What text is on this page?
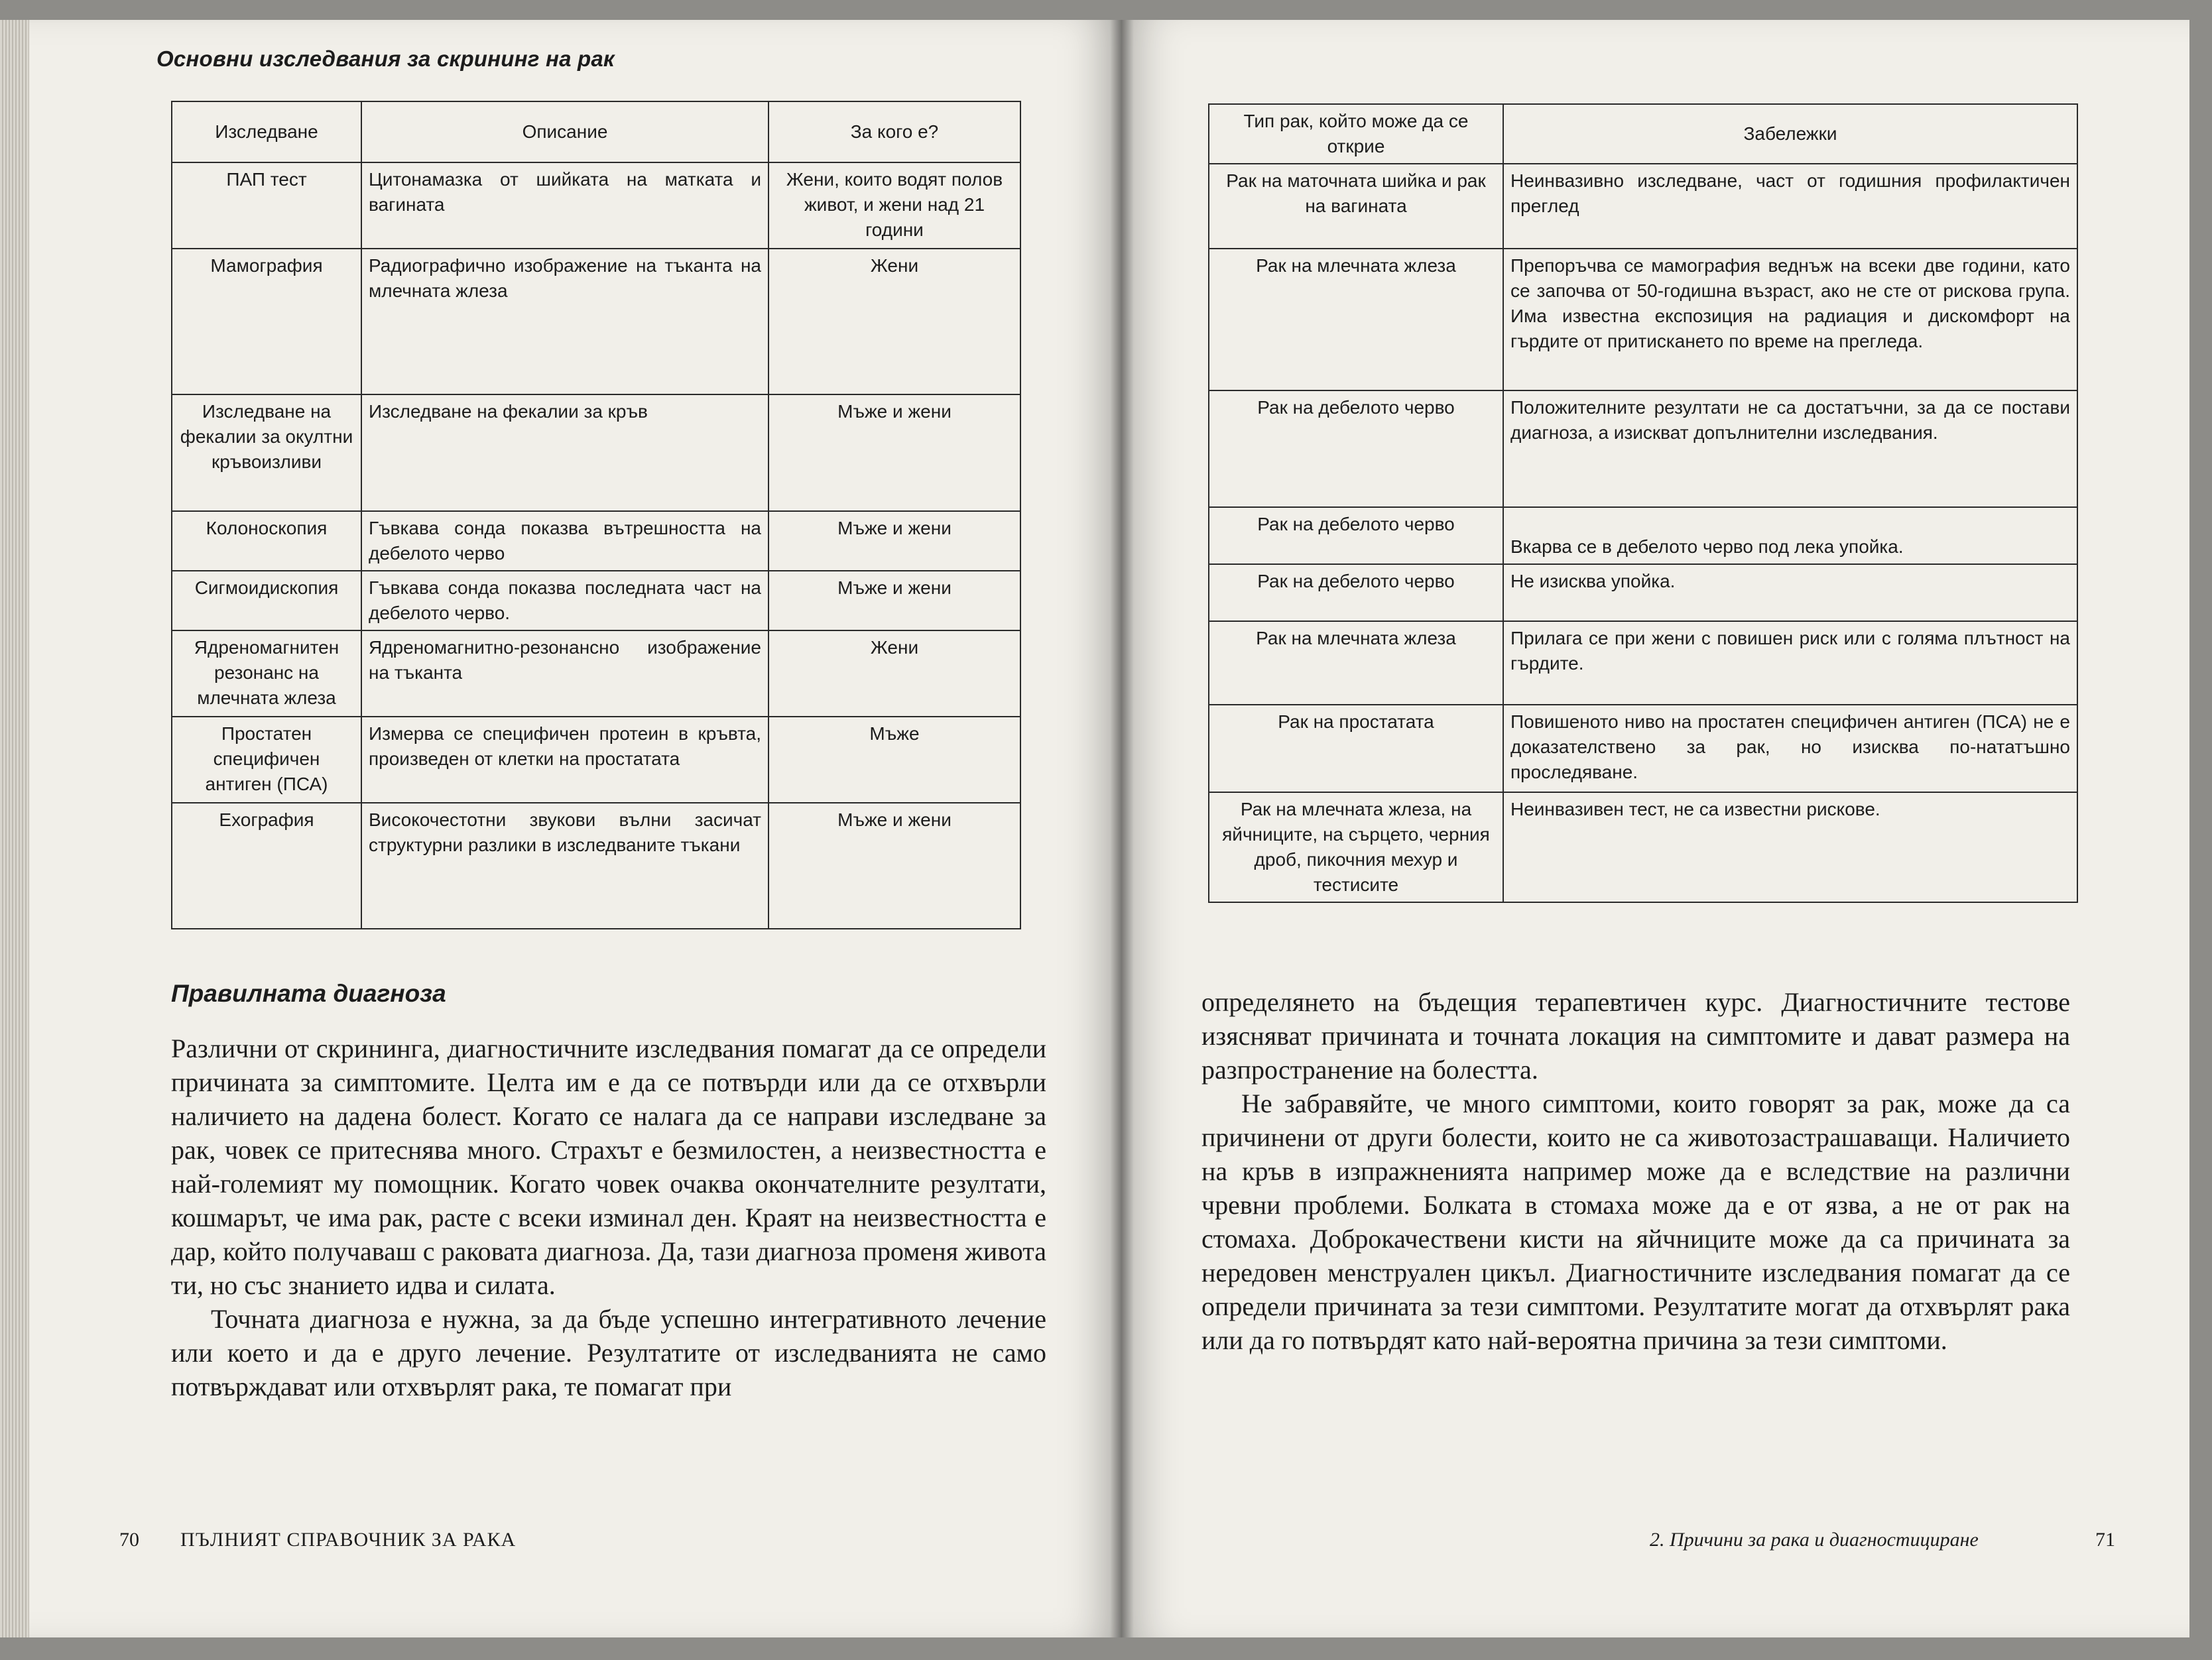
Основни изследвания за скрининг на рак
Изследване	Описание	За кого е?
ПАП тест	Цитонамазка от шийката на матката и вагината	Жени, които водят полов живот, и жени над 21 години
Мамография	Радиографично изображение на тъканта на млечната жлеза	Жени
Изследване на фекалии за окултни кръвоизливи	Изследване на фекалии за кръв	Мъже и жени
Колоноскопия	Гъвкава сонда показва вътрешността на дебелото черво	Мъже и жени
Сигмоидископия	Гъвкава сонда показва последната част на дебелото черво.	Мъже и жени
Ядреномагнитен резонанс на млечната жлеза	Ядреномагнитно-резонансно изображение на тъканта	Жени
Простатен специфичен антиген (ПСА)	Измерва се специфичен протеин в кръвта, произведен от клетки на простатата	Мъже
Ехография	Високочестотни звукови вълни засичат структурни разлики в изследваните тъкани	Мъже и жени
Правилната диагноза

Различни от скрининга, диагностичните изследвания помагат да се определи причината за симптомите. Целта им е да се потвърди или да се отхвърли наличието на дадена болест. Когато се налага да се направи изследване за рак, човек се притеснява много. Страхът е безмилостен, а неизвестността е най-големият му помощник. Когато човек очаква окончателните резултати, кошмарът, че има рак, расте с всеки изминал ден. Краят на неизвестността е дар, който получаваш с раковата диагноза. Да, тази диагноза променя живота ти, но със знанието идва и силата.

Точната диагноза е нужна, за да бъде успешно интегративното лечение или което и да е друго лечение. Резултатите от изследванията не само потвърждават или отхвърлят рака, те помагат при

70 ПЪЛНИЯТ СПРАВОЧНИК ЗА РАКА
Тип рак, който може да се открие	Забележки
Рак на маточната шийка и рак на вагината	Неинвазивно изследване, част от годишния профилактичен преглед
Рак на млечната жлеза	Препоръчва се мамография веднъж на всеки две години, като се започва от 50-годишна възраст, ако не сте от рискова група. Има известна експозиция на радиация и дискомфорт на гърдите от притискането по време на прегледа.
Рак на дебелото черво	Положителните резултати не са достатъчни, за да се постави диагноза, а изискват допълнителни изследвания.
Рак на дебелото черво	Вкарва се в дебелото черво под лека упойка.
Рак на дебелото черво	Не изисква упойка.
Рак на млечната жлеза	Прилага се при жени с повишен риск или с голяма плътност на гърдите.
Рак на простатата	Повишеното ниво на простатен специфичен антиген (ПСА) не е доказателствено за рак, но изисква по-нататъшно проследяване.
Рак на млечната жлеза, на яйчниците, на сърцето, черния дроб, пикочния мехур и тестисите	Неинвазивен тест, не са известни рискове.

определянето на бъдещия терапевтичен курс. Диагностичните тестове изясняват причината и точната локация на симптомите и дават размера на разпространение на болестта.

Не забравяйте, че много симптоми, които говорят за рак, може да са причинени от други болести, които не са животозастрашаващи. Наличието на кръв в изпражненията например може да е вследствие на различни чревни проблеми. Болката в стомаха може да е от язва, а не от рак на стомаха. Доброкачествени кисти на яйчниците може да са причината за нередовен менструален цикъл. Диагностичните изследвания помагат да се определи причината за тези симптоми. Резултатите могат да отхвърлят рака или да го потвърдят като най-вероятна причина за тези симптоми.

2. Причини за рака и диагностициране	71
